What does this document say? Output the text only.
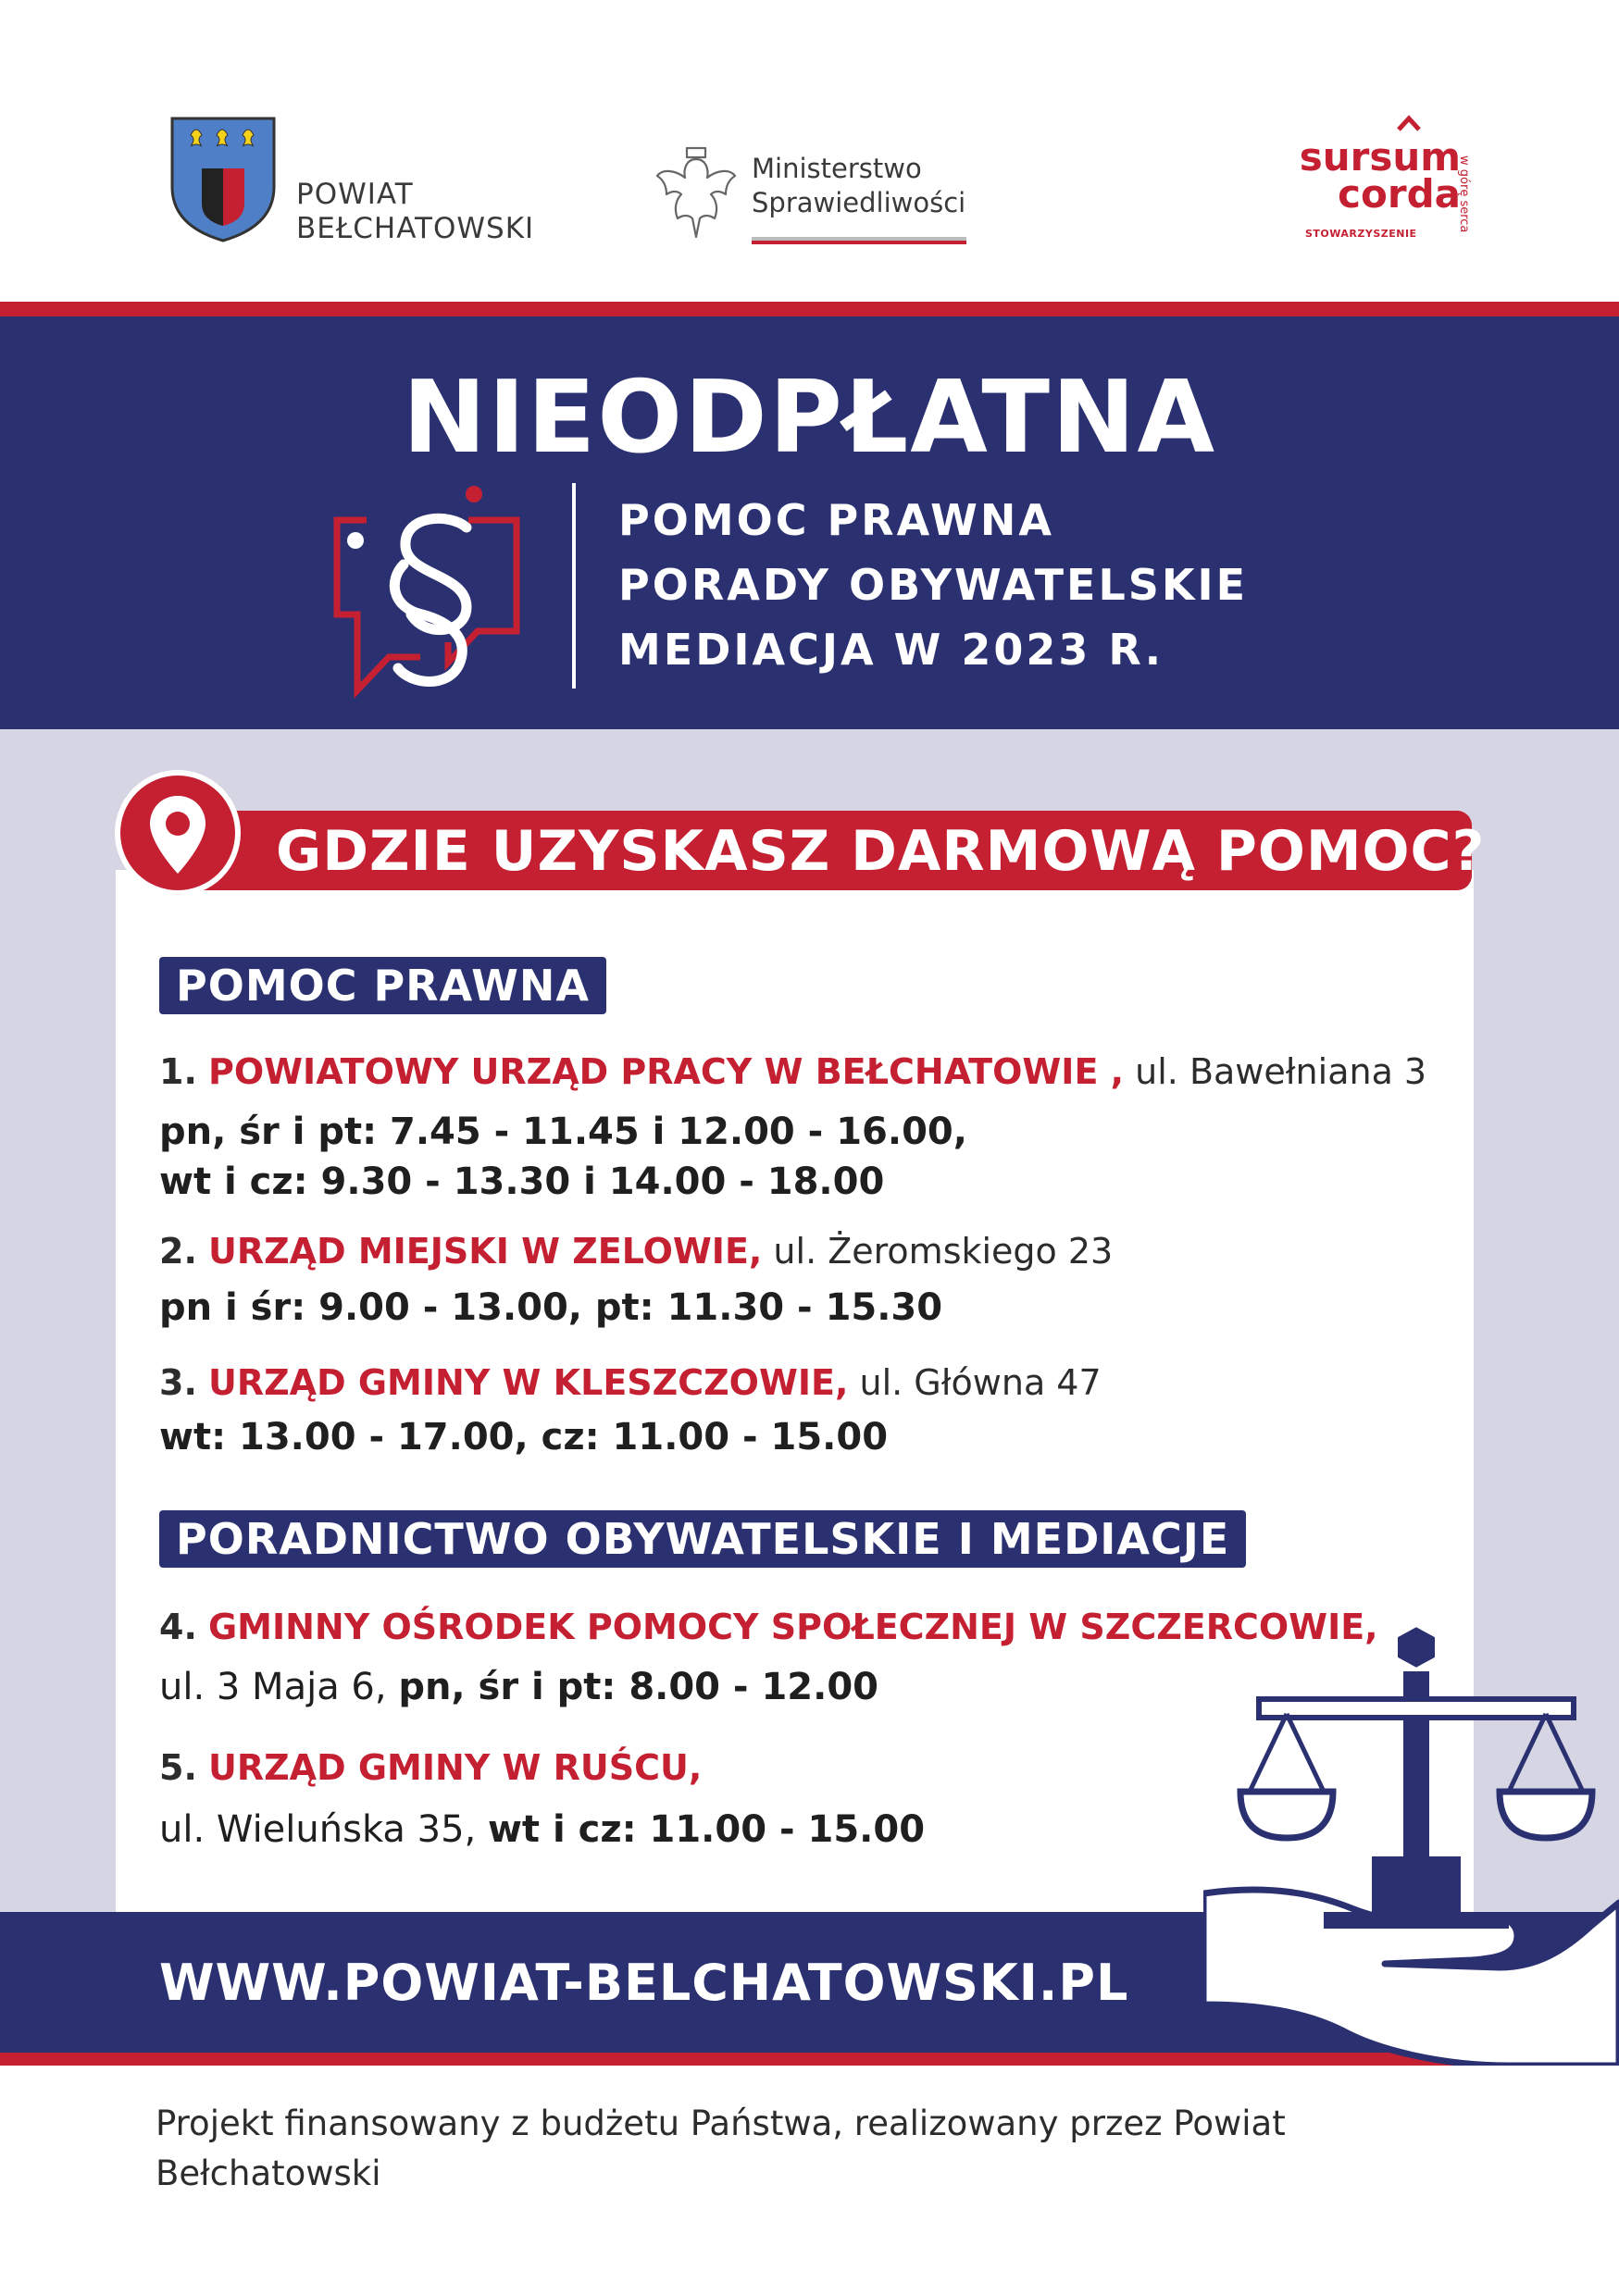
POWIAT
BEŁCHATOWSKI
Ministerstwo
Sprawiedliwości
sursum
corda
STOWARZYSZENIE
w górę serca
NIEODPŁATNA
POMOC PRAWNA
PORADY OBYWATELSKIE
MEDIACJA W 2023 R.
GDZIE UZYSKASZ DARMOWĄ POMOC?
POMOC PRAWNA
1. POWIATOWY URZĄD PRACY W BEŁCHATOWIE , ul. Bawełniana 3
pn, śr i pt: 7.45 - 11.45 i 12.00 - 16.00,
wt i cz: 9.30 - 13.30 i 14.00 - 18.00
2. URZĄD MIEJSKI W ZELOWIE, ul. Żeromskiego 23
pn i śr: 9.00 - 13.00, pt: 11.30 - 15.30
3. URZĄD GMINY W KLESZCZOWIE, ul. Główna 47
wt: 13.00 - 17.00, cz: 11.00 - 15.00
PORADNICTWO OBYWATELSKIE I MEDIACJE
4. GMINNY OŚRODEK POMOCY SPOŁECZNEJ W SZCZERCOWIE,
ul. 3 Maja 6, pn, śr i pt: 8.00 - 12.00
5. URZĄD GMINY W RUŚCU,
ul. Wieluńska 35, wt i cz: 11.00 - 15.00
WWW.POWIAT-BELCHATOWSKI.PL
Projekt finansowany z budżetu Państwa, realizowany przez Powiat Bełchatowski
